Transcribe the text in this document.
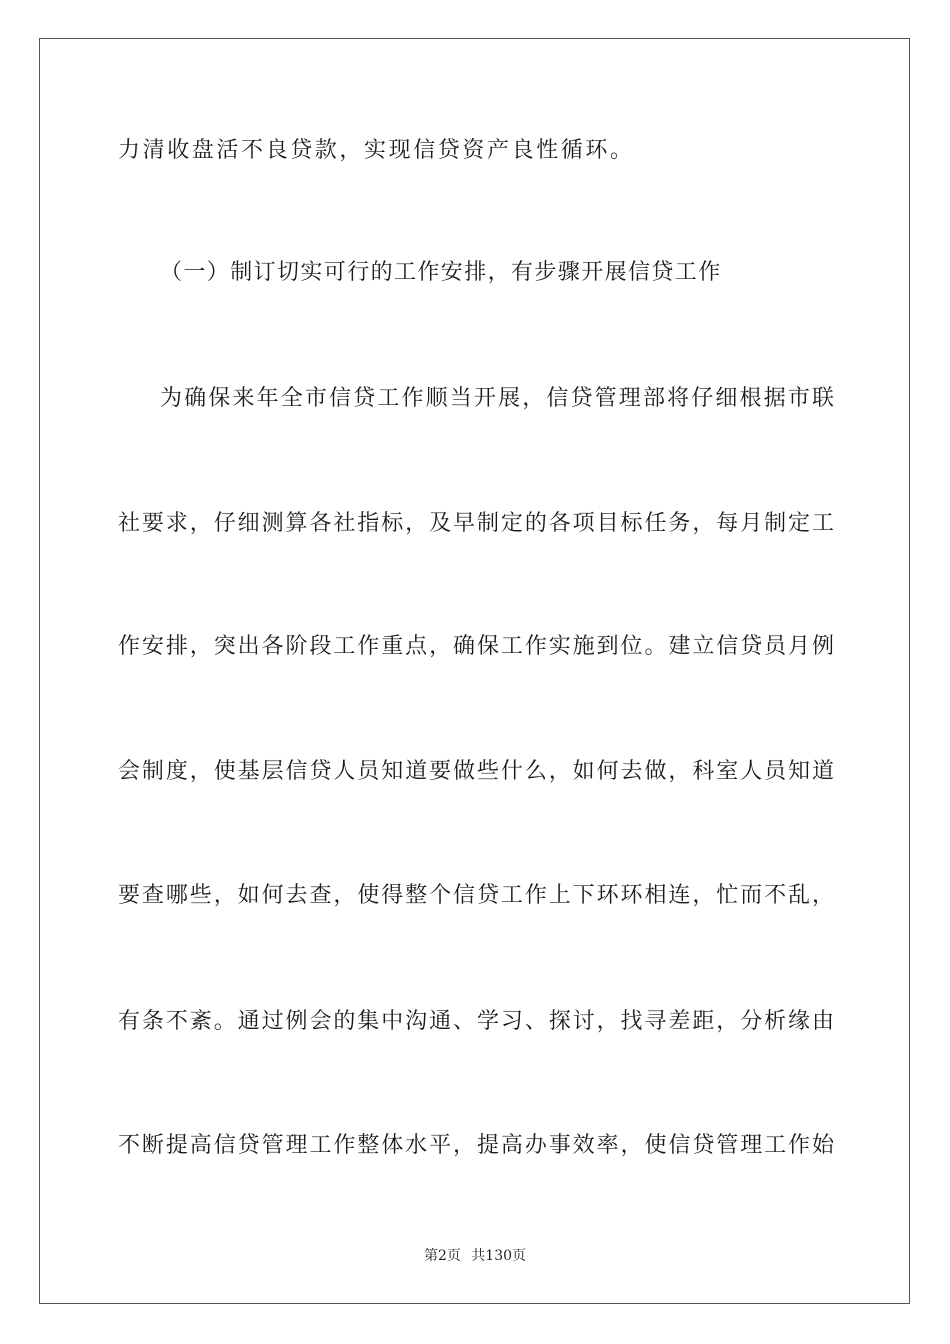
力清收盘活不良贷款，实现信贷资产良性循环。
（一）制订切实可行的工作安排，有步骤开展信贷工作
为确保来年全市信贷工作顺当开展，信贷管理部将仔细根据市联
社要求，仔细测算各社指标，及早制定的各项目标任务，每月制定工
作安排，突出各阶段工作重点，确保工作实施到位。建立信贷员月例
会制度，使基层信贷人员知道要做些什么，如何去做，科室人员知道
要查哪些，如何去查，使得整个信贷工作上下环环相连，忙而不乱，
有条不紊。通过例会的集中沟通、学习、探讨，找寻差距，分析缘由
不断提高信贷管理工作整体水平，提高办事效率，使信贷管理工作始
第2页 共130页
